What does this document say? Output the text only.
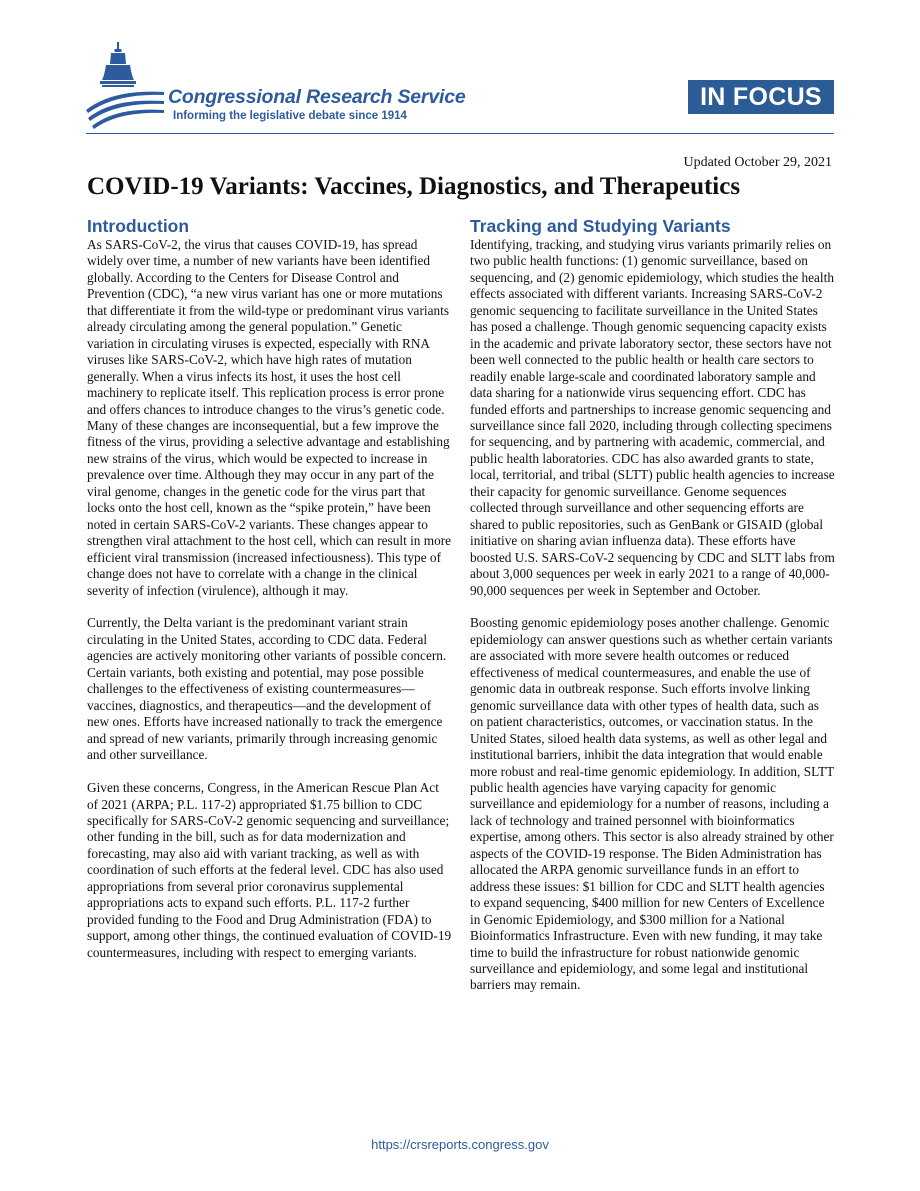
Congressional Research Service
Informing the legislative debate since 1914
IN FOCUS
Updated October 29, 2021
COVID-19 Variants: Vaccines, Diagnostics, and Therapeutics
Introduction

As SARS-CoV-2, the virus that causes COVID-19, has spread widely over time, a number of new variants have been identified globally. According to the Centers for Disease Control and Prevention (CDC), “a new virus variant has one or more mutations that differentiate it from the wild-type or predominant virus variants already circulating among the general population.” Genetic variation in circulating viruses is expected, especially with RNA viruses like SARS-CoV-2, which have high rates of mutation generally. When a virus infects its host, it uses the host cell machinery to replicate itself. This replication process is error prone and offers chances to introduce changes to the virus’s genetic code. Many of these changes are inconsequential, but a few improve the fitness of the virus, providing a selective advantage and establishing new strains of the virus, which would be expected to increase in prevalence over time. Although they may occur in any part of the viral genome, changes in the genetic code for the virus part that locks onto the host cell, known as the “spike protein,” have been noted in certain SARS-CoV-2 variants. These changes appear to strengthen viral attachment to the host cell, which can result in more efficient viral transmission (increased infectiousness). This type of change does not have to correlate with a change in the clinical severity of infection (virulence), although it may.

Currently, the Delta variant is the predominant variant strain circulating in the United States, according to CDC data. Federal agencies are actively monitoring other variants of possible concern. Certain variants, both existing and potential, may pose possible challenges to the effectiveness of existing countermeasures—vaccines, diagnostics, and therapeutics—and the development of new ones. Efforts have increased nationally to track the emergence and spread of new variants, primarily through increasing genomic and other surveillance.

Given these concerns, Congress, in the American Rescue Plan Act of 2021 (ARPA; P.L. 117-2) appropriated $1.75 billion to CDC specifically for SARS-CoV-2 genomic sequencing and surveillance; other funding in the bill, such as for data modernization and forecasting, may also aid with variant tracking, as well as with coordination of such efforts at the federal level. CDC has also used appropriations from several prior coronavirus supplemental appropriations acts to expand such efforts. P.L. 117-2 further provided funding to the Food and Drug Administration (FDA) to support, among other things, the continued evaluation of COVID-19 countermeasures, including with respect to emerging variants.

Tracking and Studying Variants

Identifying, tracking, and studying virus variants primarily relies on two public health functions: (1) genomic surveillance, based on sequencing, and (2) genomic epidemiology, which studies the health effects associated with different variants. Increasing SARS-CoV-2 genomic sequencing to facilitate surveillance in the United States has posed a challenge. Though genomic sequencing capacity exists in the academic and private laboratory sector, these sectors have not been well connected to the public health or health care sectors to readily enable large-scale and coordinated laboratory sample and data sharing for a nationwide virus sequencing effort. CDC has funded efforts and partnerships to increase genomic sequencing and surveillance since fall 2020, including through collecting specimens for sequencing, and by partnering with academic, commercial, and public health laboratories. CDC has also awarded grants to state, local, territorial, and tribal (SLTT) public health agencies to increase their capacity for genomic surveillance. Genome sequences collected through surveillance and other sequencing efforts are shared to public repositories, such as GenBank or GISAID (global initiative on sharing avian influenza data). These efforts have boosted U.S. SARS-CoV-2 sequencing by CDC and SLTT labs from about 3,000 sequences per week in early 2021 to a range of 40,000-90,000 sequences per week in September and October.

Boosting genomic epidemiology poses another challenge. Genomic epidemiology can answer questions such as whether certain variants are associated with more severe health outcomes or reduced effectiveness of medical countermeasures, and enable the use of genomic data in outbreak response. Such efforts involve linking genomic surveillance data with other types of health data, such as on patient characteristics, outcomes, or vaccination status. In the United States, siloed health data systems, as well as other legal and institutional barriers, inhibit the data integration that would enable more robust and real-time genomic epidemiology. In addition, SLTT public health agencies have varying capacity for genomic surveillance and epidemiology for a number of reasons, including a lack of technology and trained personnel with bioinformatics expertise, among others. This sector is also already strained by other aspects of the COVID-19 response. The Biden Administration has allocated the ARPA genomic surveillance funds in an effort to address these issues: $1 billion for CDC and SLTT health agencies to expand sequencing, $400 million for new Centers of Excellence in Genomic Epidemiology, and $300 million for a National Bioinformatics Infrastructure. Even with new funding, it may take time to build the infrastructure for robust nationwide genomic surveillance and epidemiology, and some legal and institutional barriers may remain.

https://crsreports.congress.gov
